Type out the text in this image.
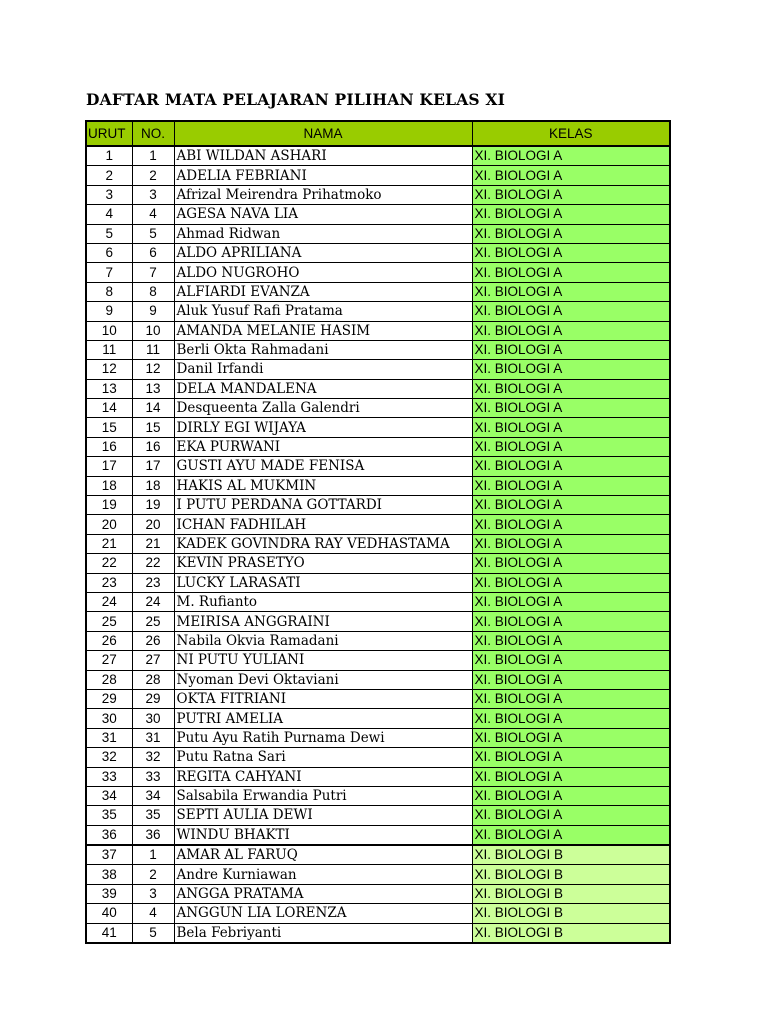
DAFTAR MATA PELAJARAN PILIHAN KELAS XI
URUT	NO.	NAMA	KELAS
1	1	ABI WILDAN ASHARI	XI. BIOLOGI A
2	2	ADELIA FEBRIANI	XI. BIOLOGI A
3	3	Afrizal Meirendra Prihatmoko	XI. BIOLOGI A
4	4	AGESA NAVA LIA	XI. BIOLOGI A
5	5	Ahmad Ridwan	XI. BIOLOGI A
6	6	ALDO APRILIANA	XI. BIOLOGI A
7	7	ALDO NUGROHO	XI. BIOLOGI A
8	8	ALFIARDI EVANZA	XI. BIOLOGI A
9	9	Aluk Yusuf Rafi Pratama	XI. BIOLOGI A
10	10	AMANDA MELANIE HASIM	XI. BIOLOGI A
11	11	Berli Okta Rahmadani	XI. BIOLOGI A
12	12	Danil Irfandi	XI. BIOLOGI A
13	13	DELA MANDALENA	XI. BIOLOGI A
14	14	Desqueenta Zalla Galendri	XI. BIOLOGI A
15	15	DIRLY EGI WIJAYA	XI. BIOLOGI A
16	16	EKA PURWANI	XI. BIOLOGI A
17	17	GUSTI AYU MADE FENISA	XI. BIOLOGI A
18	18	HAKIS AL MUKMIN	XI. BIOLOGI A
19	19	I PUTU PERDANA GOTTARDI	XI. BIOLOGI A
20	20	ICHAN FADHILAH	XI. BIOLOGI A
21	21	KADEK GOVINDRA RAY VEDHASTAMA	XI. BIOLOGI A
22	22	KEVIN PRASETYO	XI. BIOLOGI A
23	23	LUCKY LARASATI	XI. BIOLOGI A
24	24	M. Rufianto	XI. BIOLOGI A
25	25	MEIRISA ANGGRAINI	XI. BIOLOGI A
26	26	Nabila Okvia Ramadani	XI. BIOLOGI A
27	27	NI PUTU YULIANI	XI. BIOLOGI A
28	28	Nyoman Devi Oktaviani	XI. BIOLOGI A
29	29	OKTA FITRIANI	XI. BIOLOGI A
30	30	PUTRI AMELIA	XI. BIOLOGI A
31	31	Putu Ayu Ratih Purnama Dewi	XI. BIOLOGI A
32	32	Putu Ratna Sari	XI. BIOLOGI A
33	33	REGITA CAHYANI	XI. BIOLOGI A
34	34	Salsabila Erwandia Putri	XI. BIOLOGI A
35	35	SEPTI AULIA DEWI	XI. BIOLOGI A
36	36	WINDU BHAKTI	XI. BIOLOGI A
37	1	AMAR AL FARUQ	XI. BIOLOGI B
38	2	Andre Kurniawan	XI. BIOLOGI B
39	3	ANGGA PRATAMA	XI. BIOLOGI B
40	4	ANGGUN LIA LORENZA	XI. BIOLOGI B
41	5	Bela Febriyanti	XI. BIOLOGI B
